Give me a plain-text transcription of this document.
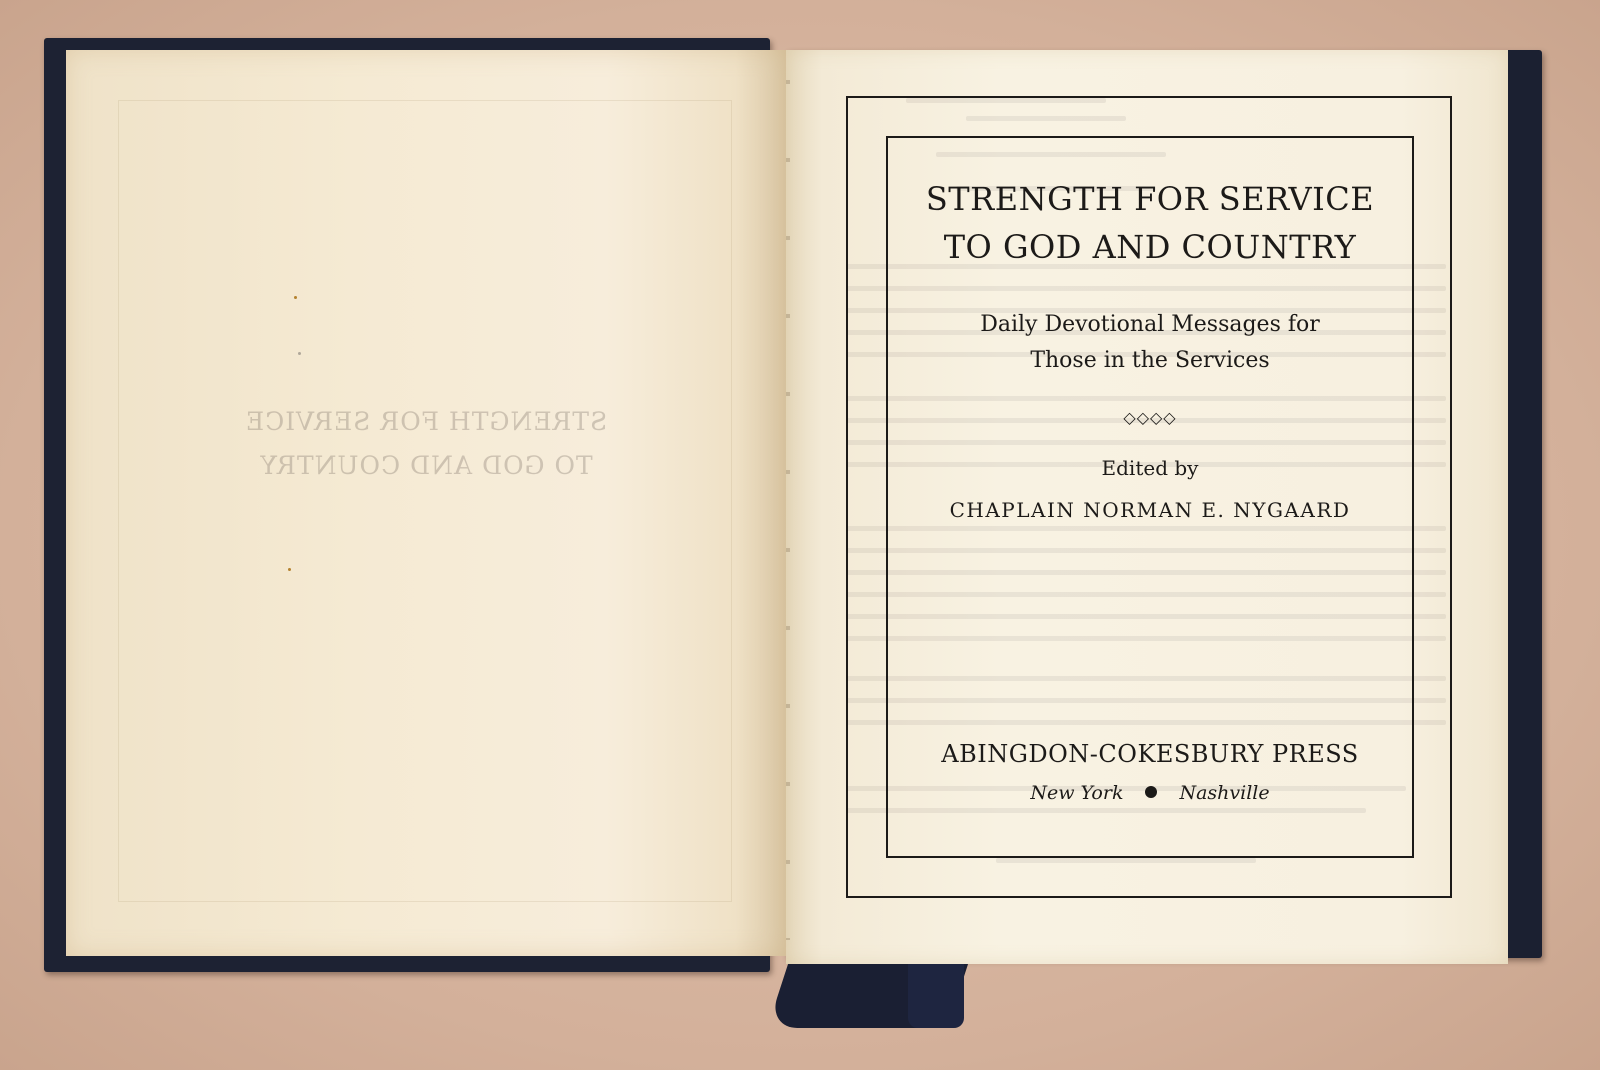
STRENGTH FOR SERVICE
TO GOD AND COUNTRY
STRENGTH FOR SERVICE
TO GOD AND COUNTRY
Daily Devotional Messages for
Those in the Services
◇◇◇◇
Edited by
CHAPLAIN NORMAN E. NYGAARD
ABINGDON-COKESBURY PRESS
New York	Nashville
